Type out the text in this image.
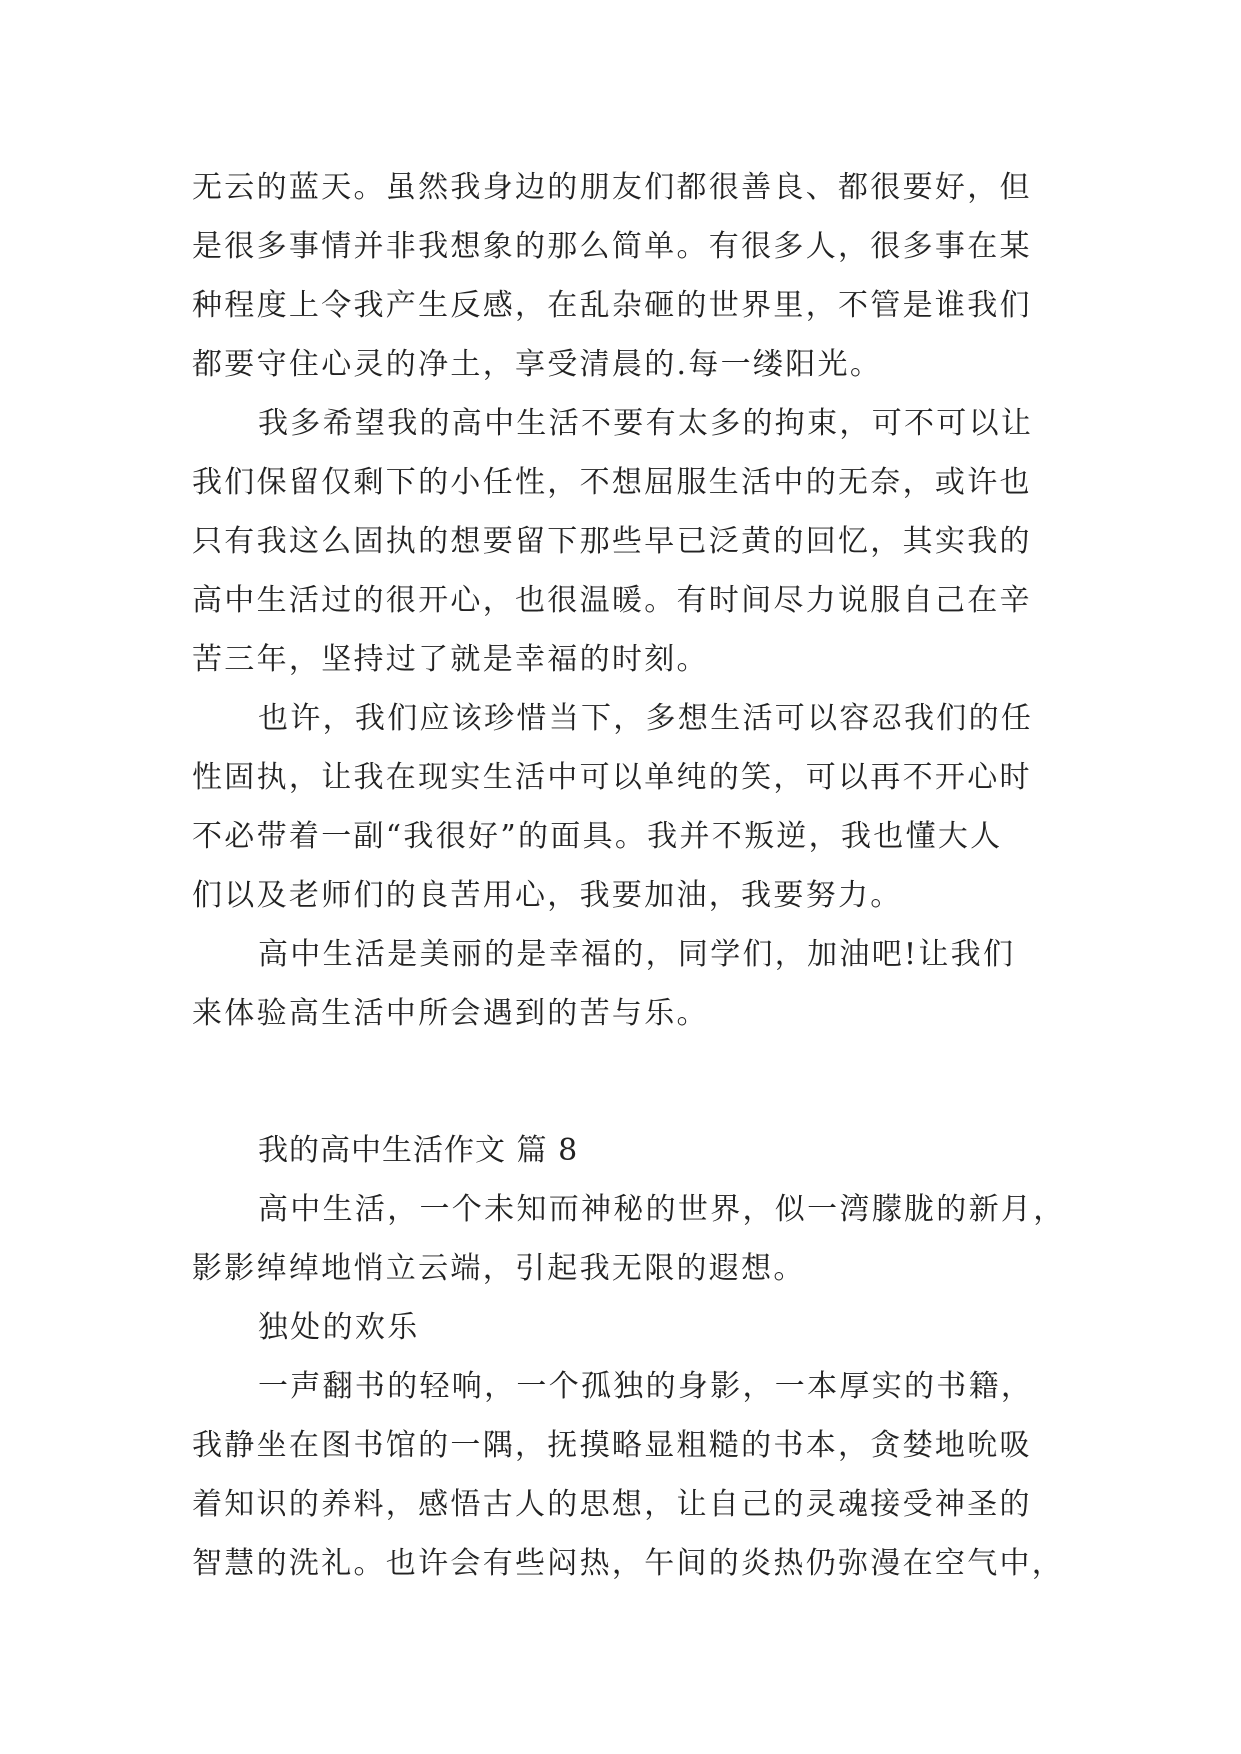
无云的蓝天。虽然我身边的朋友们都很善良、都很要好，但
是很多事情并非我想象的那么简单。有很多人，很多事在某
种程度上令我产生反感，在乱杂砸的世界里，不管是谁我们
都要守住心灵的净土，享受清晨的.每一缕阳光。
我多希望我的高中生活不要有太多的拘束，可不可以让
我们保留仅剩下的小任性，不想屈服生活中的无奈，或许也
只有我这么固执的想要留下那些早已泛黄的回忆，其实我的
高中生活过的很开心，也很温暖。有时间尽力说服自己在辛
苦三年，坚持过了就是幸福的时刻。
也许，我们应该珍惜当下，多想生活可以容忍我们的任
性固执，让我在现实生活中可以单纯的笑，可以再不开心时
不必带着一副“我很好”的面具。我并不叛逆，我也懂大人
们以及老师们的良苦用心，我要加油，我要努力。
高中生活是美丽的是幸福的，同学们，加油吧!让我们
来体验高生活中所会遇到的苦与乐。
我的高中生活作文 篇 8
高中生活，一个未知而神秘的世界，似一湾朦胧的新月，
影影绰绰地悄立云端，引起我无限的遐想。
独处的欢乐
一声翻书的轻响，一个孤独的身影，一本厚实的书籍，
我静坐在图书馆的一隅，抚摸略显粗糙的书本，贪婪地吮吸
着知识的养料，感悟古人的思想，让自己的灵魂接受神圣的
智慧的洗礼。也许会有些闷热，午间的炎热仍弥漫在空气中，
